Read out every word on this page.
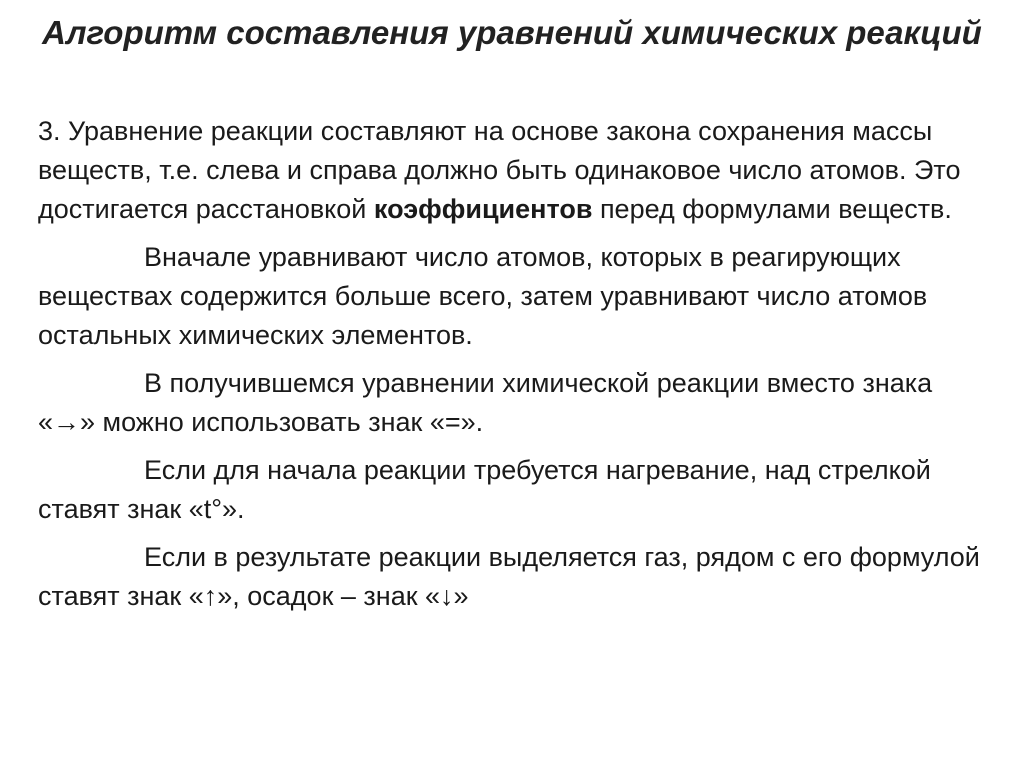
Алгоритм составления уравнений химических реакций

3. Уравнение реакции составляют на основе закона сохранения массы веществ, т.е. слева и справа должно быть одинаковое число атомов. Это достигается расстановкой коэффициентов перед формулами веществ.

Вначале уравнивают число атомов, которых в реагирующих веществах содержится больше всего, затем уравнивают число атомов остальных химических элементов.

В получившемся уравнении химической реакции вместо знака «→» можно использовать знак «=».

Если для начала реакции требуется нагревание, над стрелкой ставят знак «t°».

Если в результате реакции выделяется газ, рядом с его формулой ставят знак «↑», осадок – знак «↓»
